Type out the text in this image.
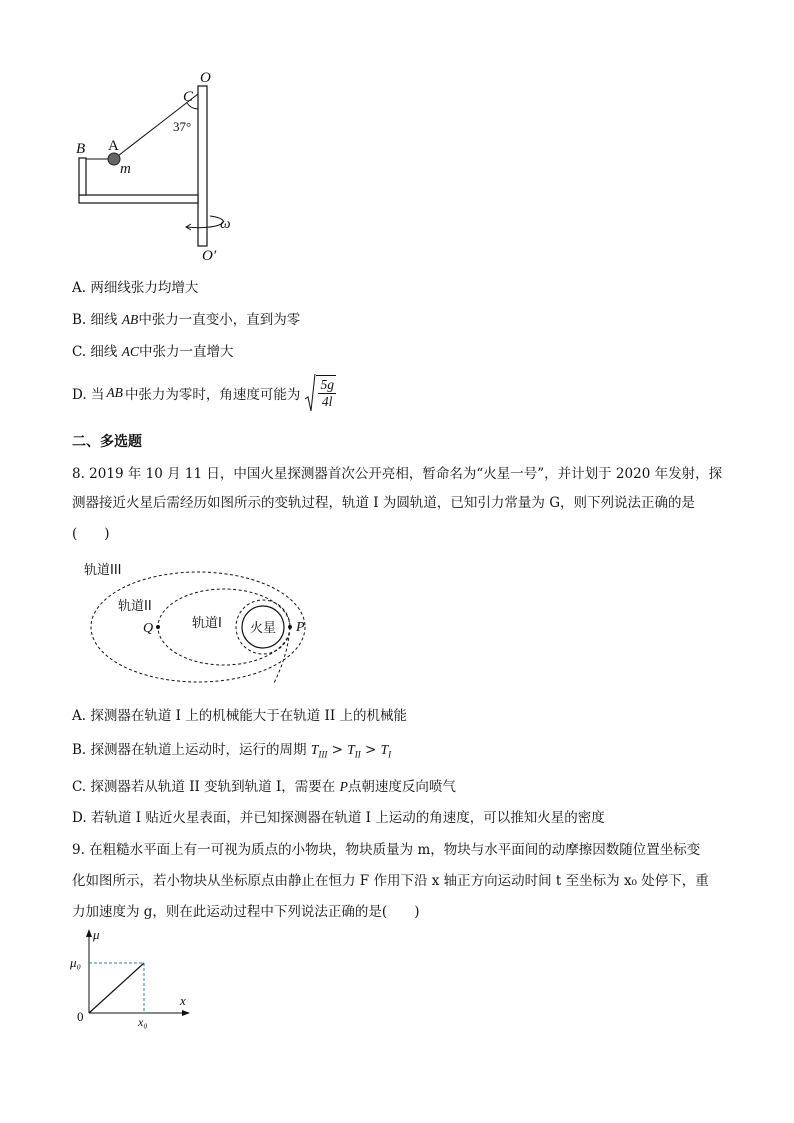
O
C
37°
A
m
B
ω
O′
A. 两细线张力均增大
B. 细线 AB中张力一直变小，直到为零
C. 细线 AC中张力一直增大
D. 当 AB 中张力为零时，角速度可能为 $\frac{5g}{4l}$
二、多选题
8. 2019 年 10 月 11 日，中国火星探测器首次公开亮相，暂命名为“火星一号”，并计划于 2020 年发射，探
测器接近火星后需经历如图所示的变轨过程，轨道 I 为圆轨道，已知引力常量为 G，则下列说法正确的是
(　　)
轨道III
轨道II
轨道I 火星
Q	P
A. 探测器在轨道 I 上的机械能大于在轨道 II 上的机械能
B. 探测器在轨道上运动时，运行的周期 $T_{III} > T_{II} > T_I$
C. 探测器若从轨道 II 变轨到轨道 I，需要在 P点朝速度反向喷气
D. 若轨道 I 贴近火星表面，并已知探测器在轨道 I 上运动的角速度，可以推知火星的密度
9. 在粗糙水平面上有一可视为质点的小物块，物块质量为 m，物块与水平面间的动摩擦因数随位置坐标变
化如图所示，若小物块从坐标原点由静止在恒力 F 作用下沿 x 轴正方向运动时间 t 至坐标为 x₀ 处停下，重
力加速度为 g，则在此运动过程中下列说法正确的是(　　)
μ
μ₀
0
x
x₀
